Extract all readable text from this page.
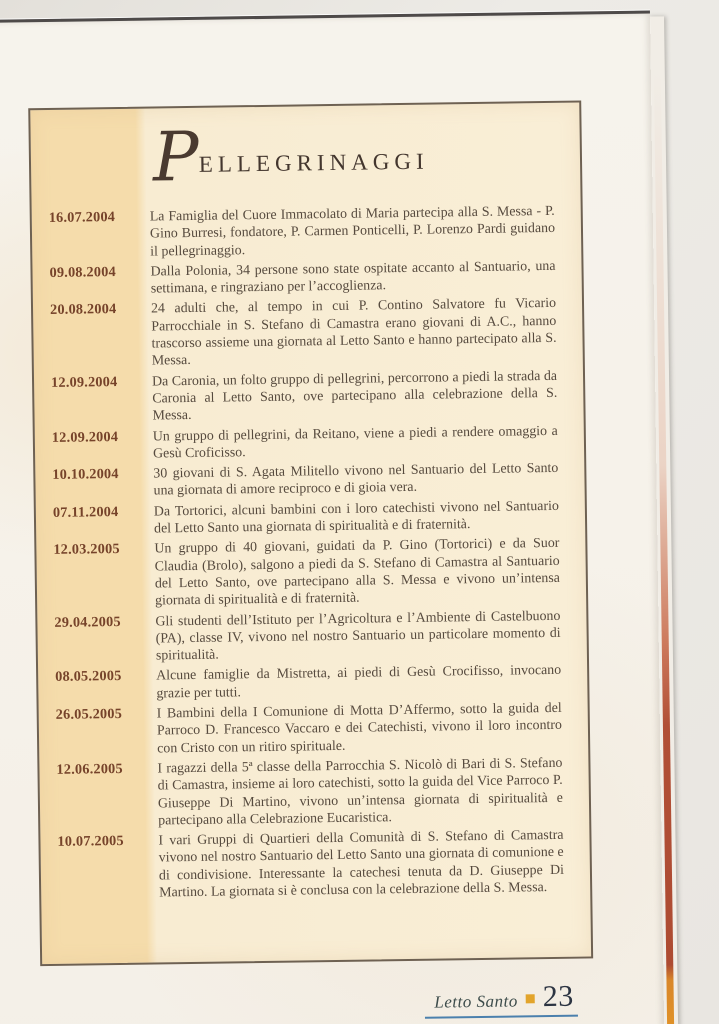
P ELLEGRINAGGI
16.07.2004	La Famiglia del Cuore Immacolato di Maria partecipa alla S. Messa - P. Gino Burresi, fondatore, P. Carmen Ponticelli, P. Lorenzo Pardi guidano il pellegrinaggio.

09.08.2004	Dalla Polonia, 34 persone sono state ospitate accanto al Santuario, una settimana, e ringraziano per l’accoglienza.

20.08.2004	24 adulti che, al tempo in cui P. Contino Salvatore fu Vicario Parrocchiale in S. Stefano di Camastra erano giovani di A.C., hanno trascorso assieme una giornata al Letto Santo e hanno partecipato alla S. Messa.

12.09.2004	Da Caronia, un folto gruppo di pellegrini, percorrono a piedi la strada da Caronia al Letto Santo, ove partecipano alla celebrazione della S. Messa.

12.09.2004	Un gruppo di pellegrini, da Reitano, viene a piedi a rendere omaggio a Gesù Croficisso.

10.10.2004	30 giovani di S. Agata Militello vivono nel Santuario del Letto Santo una giornata di amore reciproco e di gioia vera.

07.11.2004	Da Tortorici, alcuni bambini con i loro catechisti vivono nel Santuario del Letto Santo una giornata di spiritualità e di fraternità.

12.03.2005	Un gruppo di 40 giovani, guidati da P. Gino (Tortorici) e da Suor Claudia (Brolo), salgono a piedi da S. Stefano di Camastra al Santuario del Letto Santo, ove partecipano alla S. Messa e vivono un’intensa giornata di spiritualità e di fraternità.

29.04.2005	Gli studenti dell’Istituto per l’Agricoltura e l’Ambiente di Castelbuono (PA), classe IV, vivono nel nostro Santuario un particolare momento di spiritualità.

08.05.2005	Alcune famiglie da Mistretta, ai piedi di Gesù Crocifisso, invocano grazie per tutti.

26.05.2005	I Bambini della I Comunione di Motta D’Affermo, sotto la guida del Parroco D. Francesco Vaccaro e dei Catechisti, vivono il loro incontro con Cristo con un ritiro spirituale.

12.06.2005	I ragazzi della 5ª classe della Parrocchia S. Nicolò di Bari di S. Stefano di Camastra, insieme ai loro catechisti, sotto la guida del Vice Parroco P. Giuseppe Di Martino, vivono un’intensa giornata di spiritualità e partecipano alla Celebrazione Eucaristica.

10.07.2005	I vari Gruppi di Quartieri della Comunità di S. Stefano di Camastra vivono nel nostro Santuario del Letto Santo una giornata di comunione e di condivisione. Interessante la catechesi tenuta da D. Giuseppe Di Martino. La giornata si è conclusa con la celebrazione della S. Messa.

Letto Santo 23
